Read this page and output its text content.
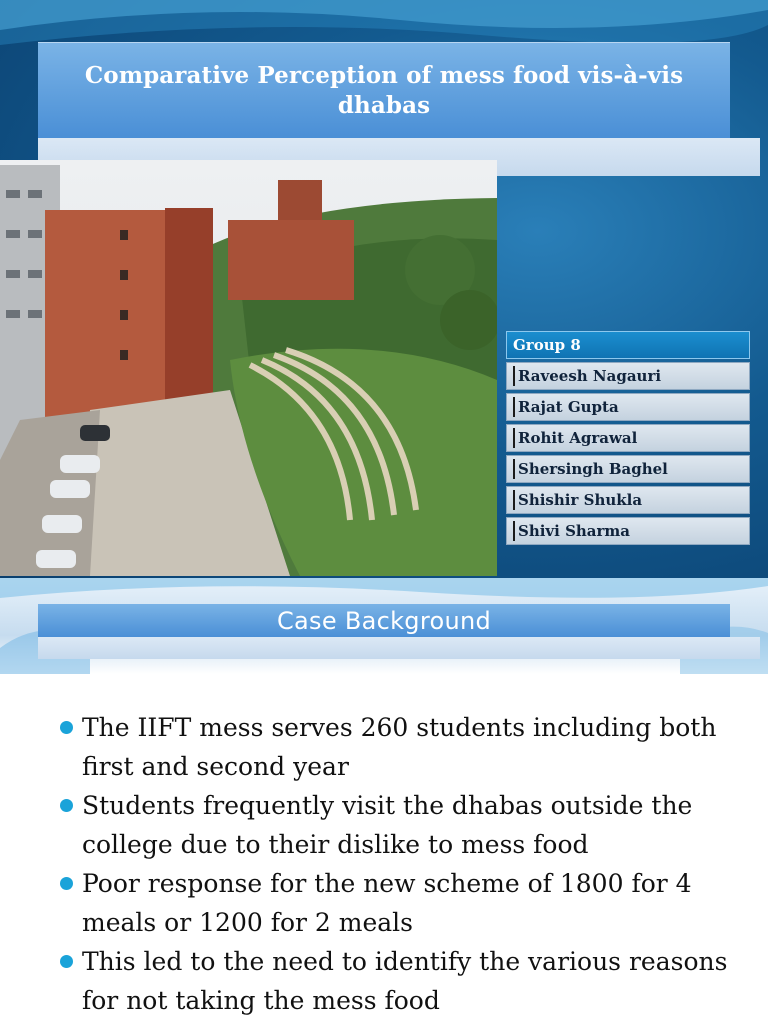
Comparative Perception of mess food vis-à-vis dhabas
Group 8
Raveesh Nagauri
Rajat Gupta
Rohit Agrawal
Shersingh Baghel
Shishir Shukla
Shivi Sharma
Case Background
The IIFT mess serves 260 students including both first and second year
Students frequently visit the dhabas outside the college due to their dislike to mess food
Poor response for the new scheme of 1800 for 4 meals or 1200 for 2 meals
This led to the need to identify the various reasons for not taking the mess food
